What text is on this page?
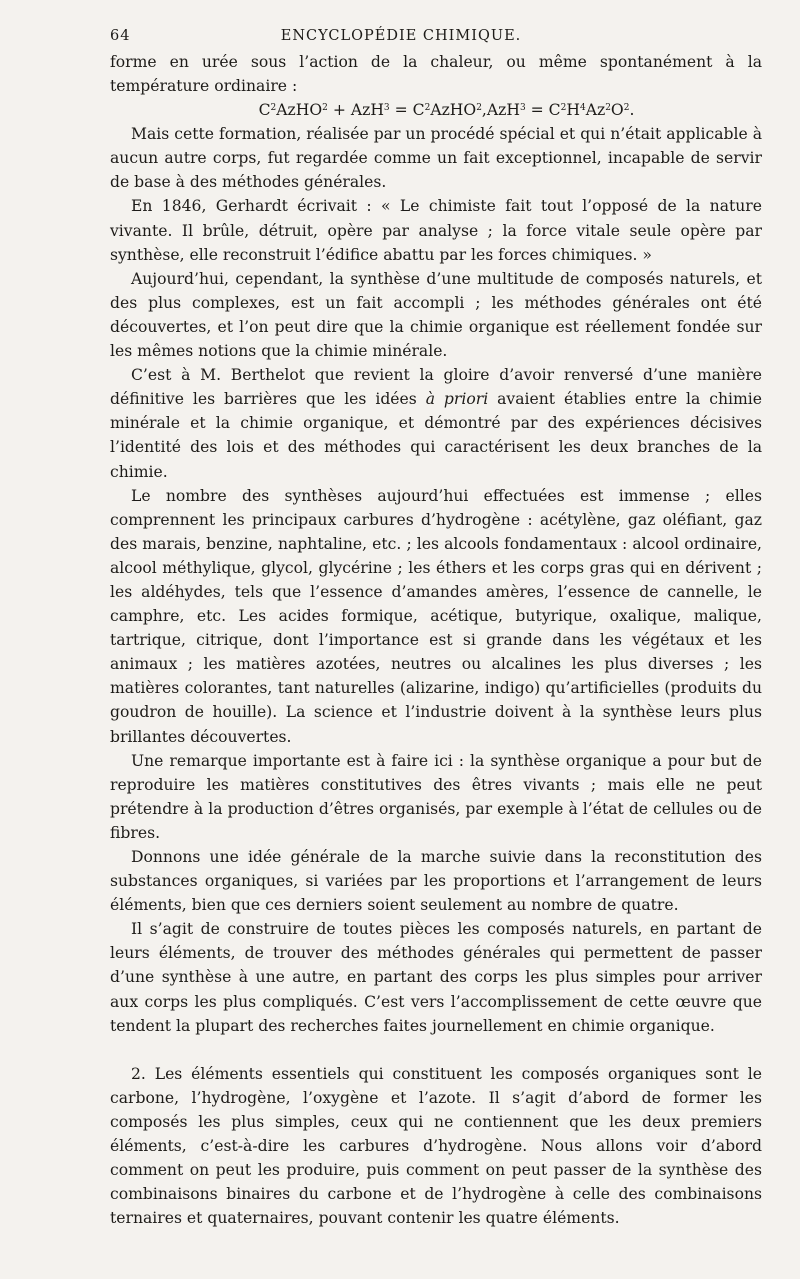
64	ENCYCLOPÉDIE CHIMIQUE.

forme en urée sous l’action de la chaleur, ou même spontanément à la température ordinaire :

$C^2AzHO^2 + AzH^3$ = $C^2AzHO^2,AzH^3 = C^2H^4Az^2O^2$.

Mais cette formation, réalisée par un procédé spécial et qui n’était applicable à aucun autre corps, fut regardée comme un fait exceptionnel, incapable de servir de base à des méthodes générales.

En 1846, Gerhardt écrivait : « Le chimiste fait tout l’opposé de la nature vivante. Il brûle, détruit, opère par analyse ; la force vitale seule opère par synthèse, elle reconstruit l’édifice abattu par les forces chimiques. »

Aujourd’hui, cependant, la synthèse d’une multitude de composés naturels, et des plus complexes, est un fait accompli ; les méthodes générales ont été découvertes, et l’on peut dire que la chimie organique est réellement fondée sur les mêmes notions que la chimie minérale.

C’est à M. Berthelot que revient la gloire d’avoir renversé d’une manière définitive les barrières que les idées à priori avaient établies entre la chimie minérale et la chimie organique, et démontré par des expériences décisives l’identité des lois et des méthodes qui caractérisent les deux branches de la chimie.

Le nombre des synthèses aujourd’hui effectuées est immense ; elles comprennent les principaux carbures d’hydrogène : acétylène, gaz oléfiant, gaz des marais, benzine, naphtaline, etc. ; les alcools fondamentaux : alcool ordinaire, alcool méthylique, glycol, glycérine ; les éthers et les corps gras qui en dérivent ; les aldéhydes, tels que l’essence d’amandes amères, l’essence de cannelle, le camphre, etc. Les acides formique, acétique, butyrique, oxalique, malique, tartrique, citrique, dont l’importance est si grande dans les végétaux et les animaux ; les matières azotées, neutres ou alcalines les plus diverses ; les matières colorantes, tant naturelles (alizarine, indigo) qu’artificielles (produits du goudron de houille). La science et l’industrie doivent à la synthèse leurs plus brillantes découvertes.

Une remarque importante est à faire ici : la synthèse organique a pour but de reproduire les matières constitutives des êtres vivants ; mais elle ne peut prétendre à la production d’êtres organisés, par exemple à l’état de cellules ou de fibres.

Donnons une idée générale de la marche suivie dans la reconstitution des substances organiques, si variées par les proportions et l’arrangement de leurs éléments, bien que ces derniers soient seulement au nombre de quatre.

Il s’agit de construire de toutes pièces les composés naturels, en partant de leurs éléments, de trouver des méthodes générales qui permettent de passer d’une synthèse à une autre, en partant des corps les plus simples pour arriver aux corps les plus compliqués. C’est vers l’accomplissement de cette œuvre que tendent la plupart des recherches faites journellement en chimie organique.

2. Les éléments essentiels qui constituent les composés organiques sont le carbone, l’hydrogène, l’oxygène et l’azote. Il s’agit d’abord de former les composés les plus simples, ceux qui ne contiennent que les deux premiers éléments, c’est-à-dire les carbures d’hydrogène. Nous allons voir d’abord comment on peut les produire, puis comment on peut passer de la synthèse des combinaisons binaires du carbone et de l’hydrogène à celle des combinaisons ternaires et quaternaires, pouvant contenir les quatre éléments.
